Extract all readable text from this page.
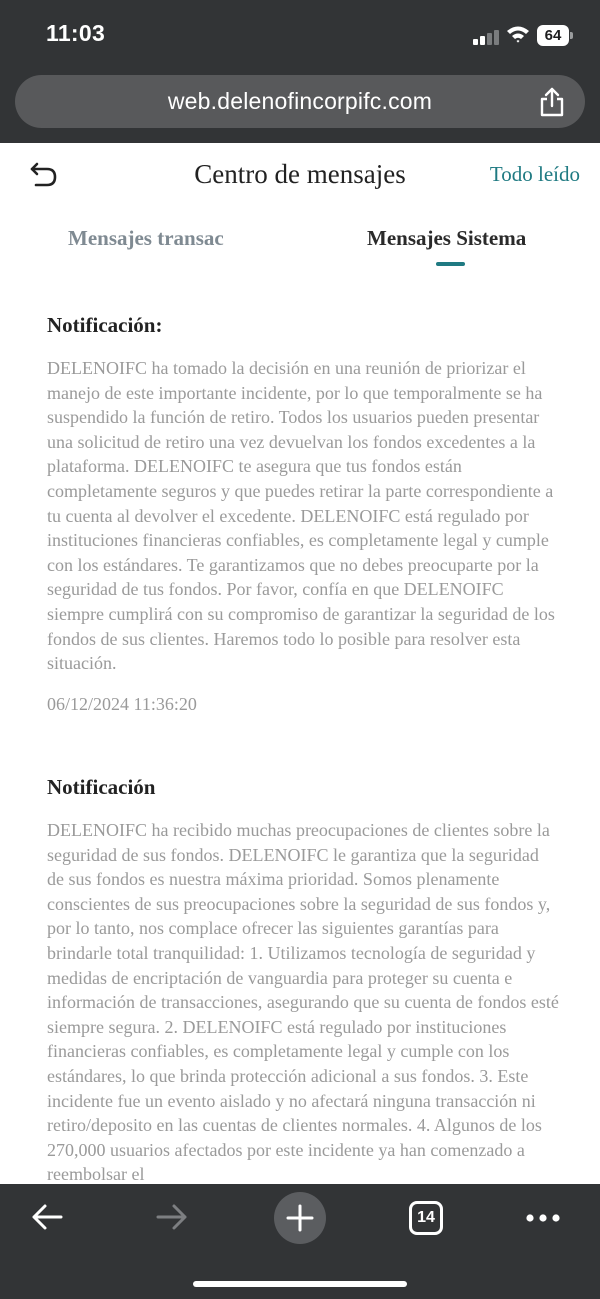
11:03	64
web.delenofincorpifc.com
Centro de mensajes	Todo leído
Mensajes transac	Mensajes Sistema
Notificación:
DELENOIFC ha tomado la decisión en una reunión de priorizar el manejo de este importante incidente, por lo que temporalmente se ha suspendido la función de retiro. Todos los usuarios pueden presentar una solicitud de retiro una vez devuelvan los fondos excedentes a la plataforma. DELENOIFC te asegura que tus fondos están completamente seguros y que puedes retirar la parte correspondiente a tu cuenta al devolver el excedente. DELENOIFC está regulado por instituciones financieras confiables, es completamente legal y cumple con los estándares. Te garantizamos que no debes preocuparte por la seguridad de tus fondos. Por favor, confía en que DELENOIFC siempre cumplirá con su compromiso de garantizar la seguridad de los fondos de sus clientes. Haremos todo lo posible para resolver esta situación.
06/12/2024 11:36:20
Notificación
DELENOIFC ha recibido muchas preocupaciones de clientes sobre la seguridad de sus fondos. DELENOIFC le garantiza que la seguridad de sus fondos es nuestra máxima prioridad. Somos plenamente conscientes de sus preocupaciones sobre la seguridad de sus fondos y, por lo tanto, nos complace ofrecer las siguientes garantías para brindarle total tranquilidad: 1. Utilizamos tecnología de seguridad y medidas de encriptación de vanguardia para proteger su cuenta e información de transacciones, asegurando que su cuenta de fondos esté siempre segura. 2. DELENOIFC está regulado por instituciones financieras confiables, es completamente legal y cumple con los estándares, lo que brinda protección adicional a sus fondos. 3. Este incidente fue un evento aislado y no afectará ninguna transacción ni retiro/deposito en las cuentas de clientes normales. 4. Algunos de los 270,000 usuarios afectados por este incidente ya han comenzado a reembolsar el
14
